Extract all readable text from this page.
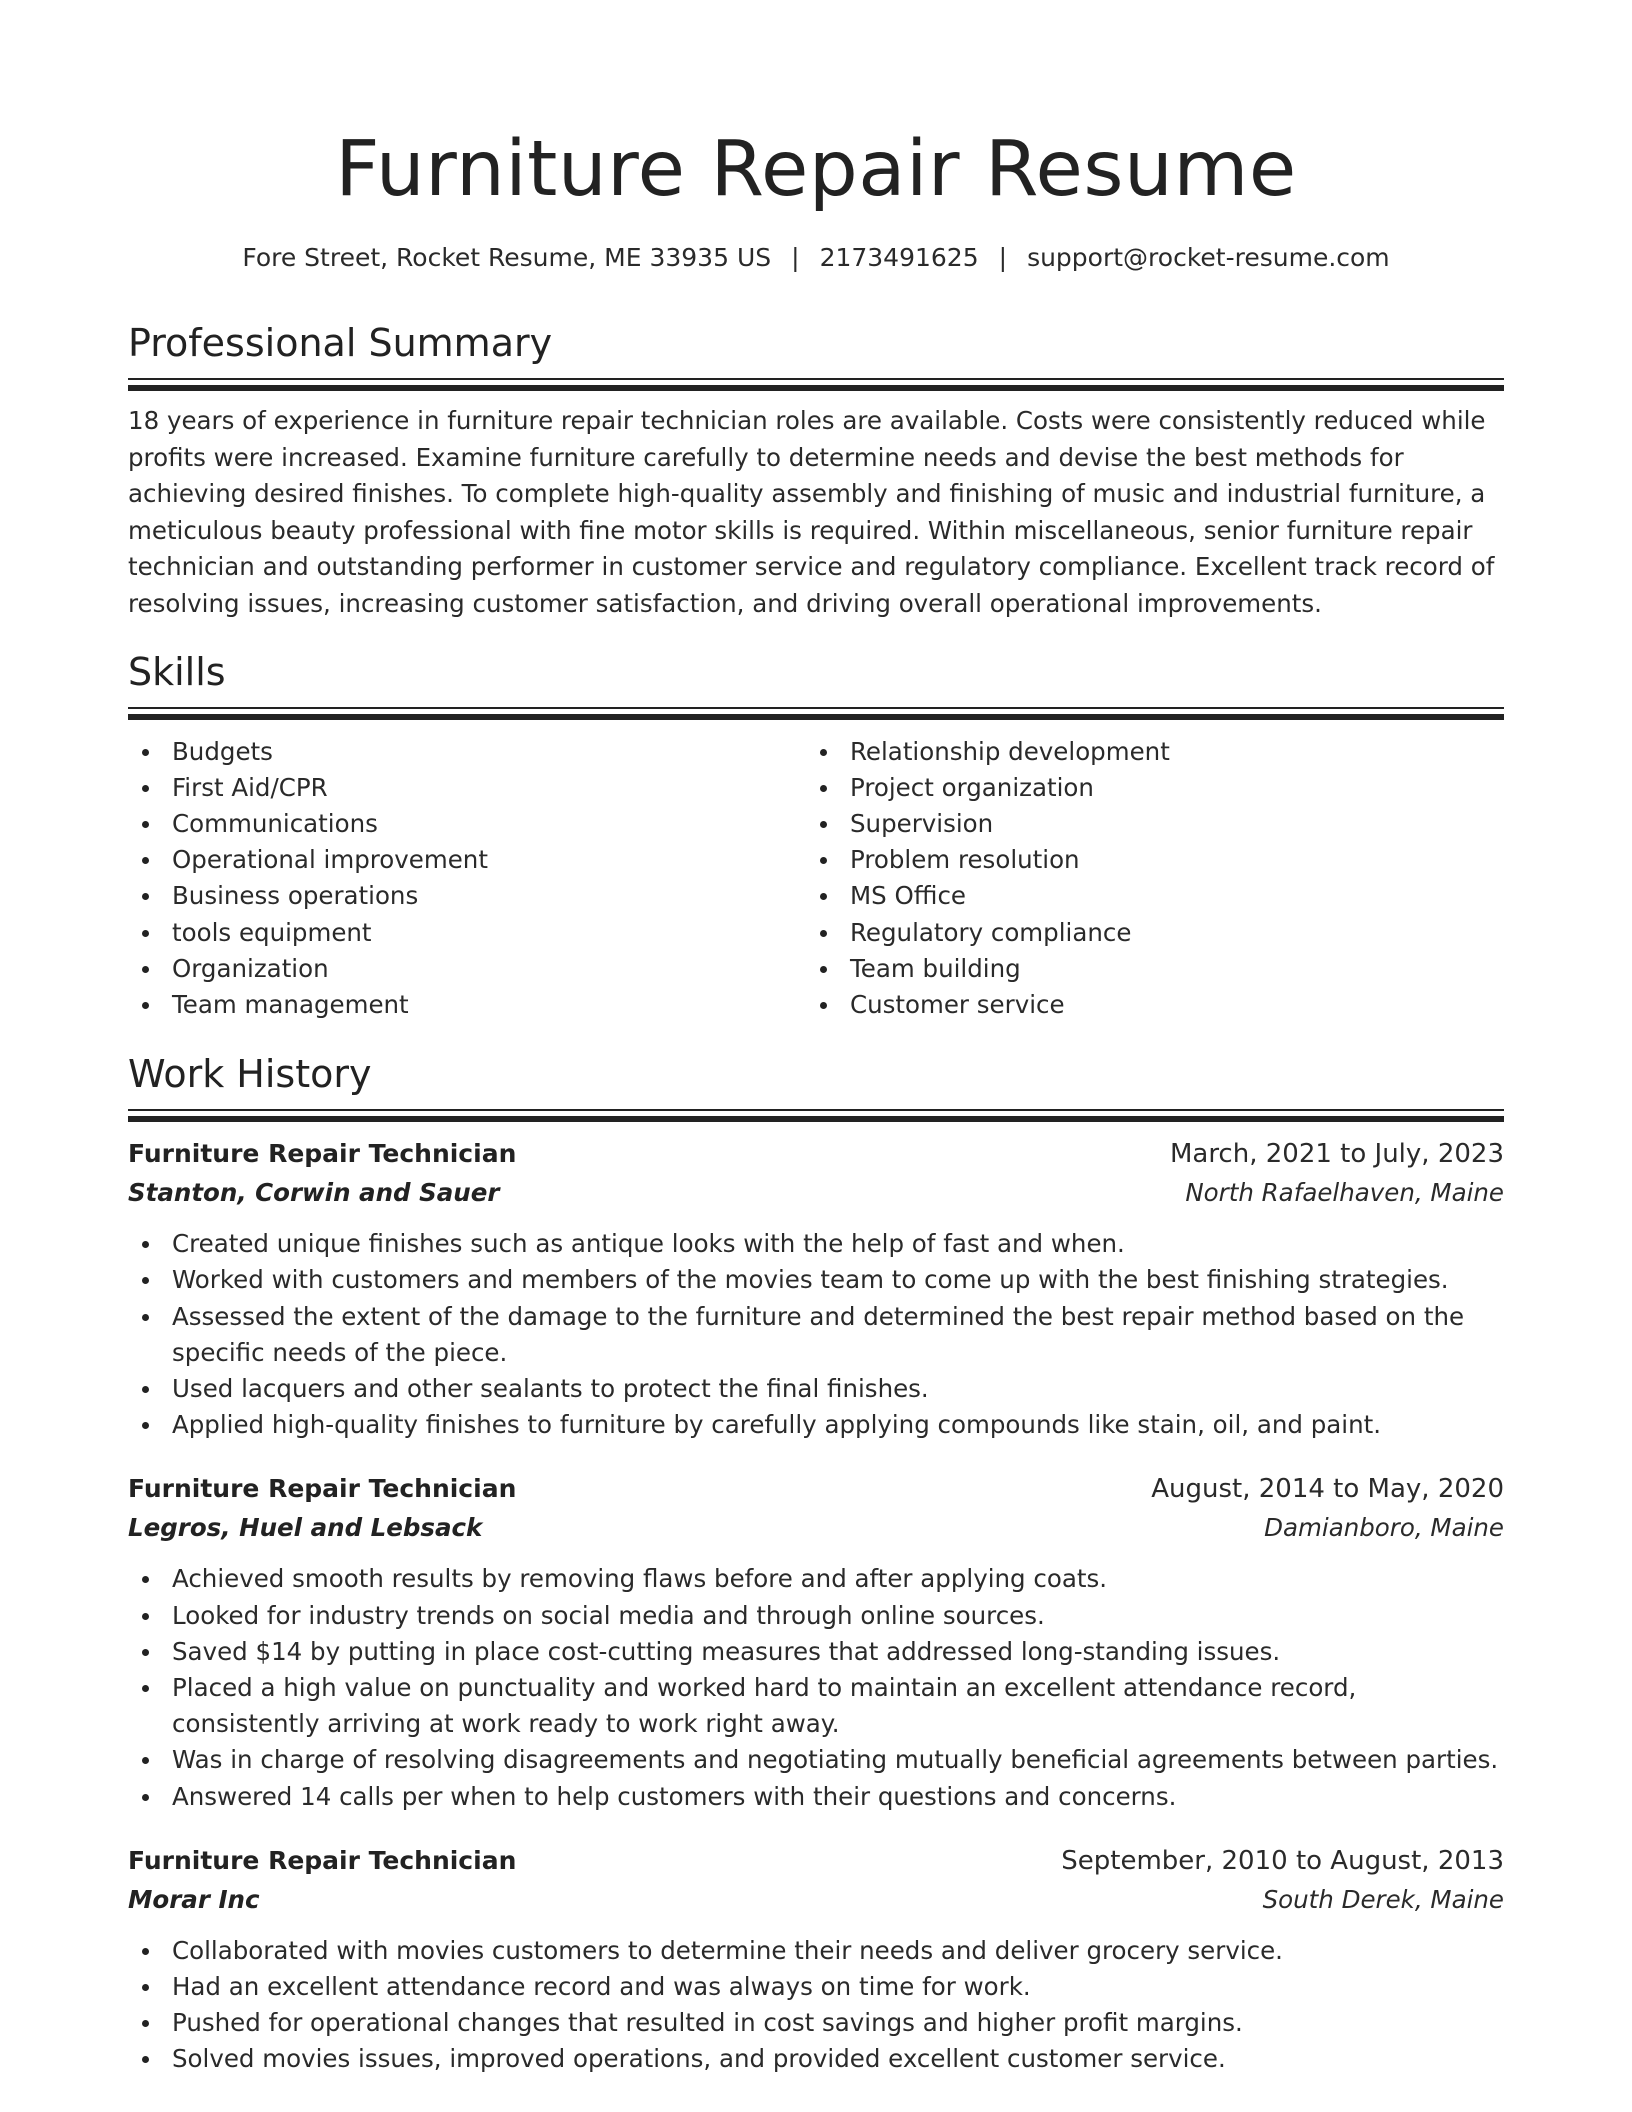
Furniture Repair Resume
Fore Street, Rocket Resume, ME 33935 US | 2173491625 | support@rocket-resume.com
Professional Summary

18 years of experience in furniture repair technician roles are available. Costs were consistently reduced while profits were increased. Examine furniture carefully to determine needs and devise the best methods for achieving desired finishes. To complete high-quality assembly and finishing of music and industrial furniture, a meticulous beauty professional with fine motor skills is required. Within miscellaneous, senior furniture repair technician and outstanding performer in customer service and regulatory compliance. Excellent track record of resolving issues, increasing customer satisfaction, and driving overall operational improvements.

Skills
Budgets
First Aid/CPR
Communications
Operational improvement
Business operations
tools equipment
Organization
Team management
Relationship development
Project organization
Supervision
Problem resolution
MS Office
Regulatory compliance
Team building
Customer service
Work History
Furniture Repair Technician	March, 2021 to July, 2023
Stanton, Corwin and Sauer	North Rafaelhaven, Maine
Created unique finishes such as antique looks with the help of fast and when.
Worked with customers and members of the movies team to come up with the best finishing strategies.
Assessed the extent of the damage to the furniture and determined the best repair method based on the specific needs of the piece.
Used lacquers and other sealants to protect the final finishes.
Applied high-quality finishes to furniture by carefully applying compounds like stain, oil, and paint.
Furniture Repair Technician	August, 2014 to May, 2020
Legros, Huel and Lebsack	Damianboro, Maine
Achieved smooth results by removing flaws before and after applying coats.
Looked for industry trends on social media and through online sources.
Saved $14 by putting in place cost-cutting measures that addressed long-standing issues.
Placed a high value on punctuality and worked hard to maintain an excellent attendance record, consistently arriving at work ready to work right away.
Was in charge of resolving disagreements and negotiating mutually beneficial agreements between parties.
Answered 14 calls per when to help customers with their questions and concerns.
Furniture Repair Technician	September, 2010 to August, 2013
Morar Inc	South Derek, Maine
Collaborated with movies customers to determine their needs and deliver grocery service.
Had an excellent attendance record and was always on time for work.
Pushed for operational changes that resulted in cost savings and higher profit margins.
Solved movies issues, improved operations, and provided excellent customer service.
